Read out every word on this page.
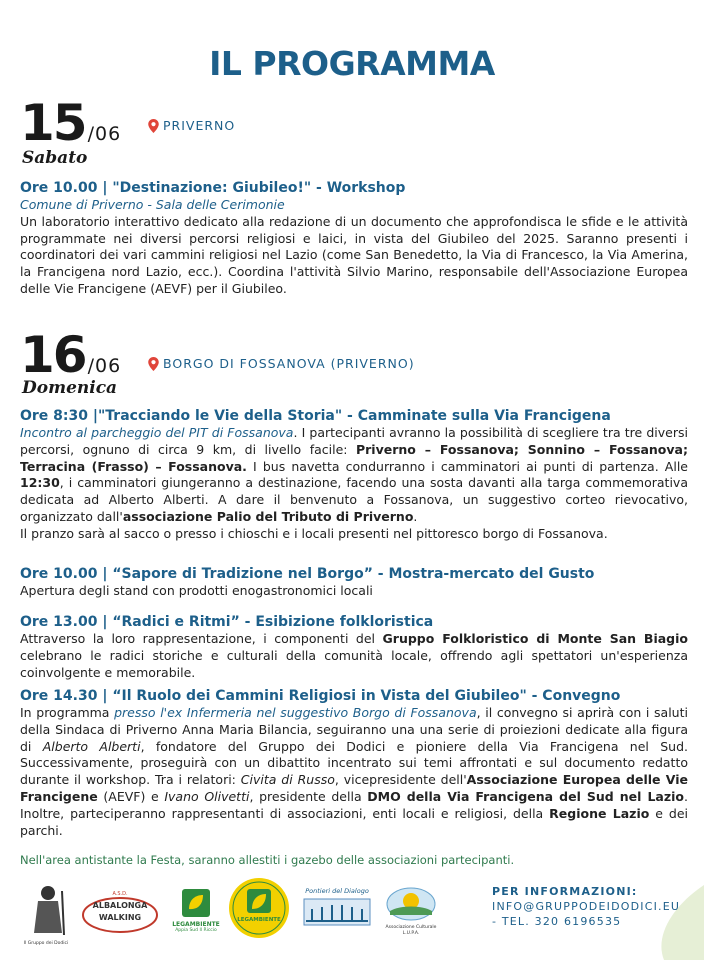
IL PROGRAMMA
15 /06
Sabato
PRIVERNO
Ore 10.00 | "Destinazione: Giubileo!" - Workshop
Comune di Priverno - Sala delle Cerimonie
Un laboratorio interattivo dedicato alla redazione di un documento che approfondisca le sfide e le attività programmate nei diversi percorsi religiosi e laici, in vista del Giubileo del 2025. Saranno presenti i coordinatori dei vari cammini religiosi nel Lazio (come San Benedetto, la Via di Francesco, la Via Amerina, la Francigena nord Lazio, ecc.). Coordina l'attività Silvio Marino, responsabile dell'Associazione Europea delle Vie Francigene (AEVF) per il Giubileo.
16 /06
Domenica
BORGO DI FOSSANOVA (PRIVERNO)
Ore 8:30 |"Tracciando le Vie della Storia" - Camminate sulla Via Francigena
Incontro al parcheggio del PIT di Fossanova. I partecipanti avranno la possibilità di scegliere tra tre diversi percorsi, ognuno di circa 9 km, di livello facile: Priverno – Fossanova; Sonnino – Fossanova; Terracina (Frasso) – Fossanova. I bus navetta condurranno i camminatori ai punti di partenza. Alle 12:30, i camminatori giungeranno a destinazione, facendo una sosta davanti alla targa commemorativa dedicata ad Alberto Alberti. A dare il benvenuto a Fossanova, un suggestivo corteo rievocativo, organizzato dall'associazione Palio del Tributo di Priverno.
Il pranzo sarà al sacco o presso i chioschi e i locali presenti nel pittoresco borgo di Fossanova.
Ore 10.00 | “Sapore di Tradizione nel Borgo” - Mostra-mercato del Gusto
Apertura degli stand con prodotti enogastronomici locali
Ore 13.00 | “Radici e Ritmi” - Esibizione folkloristica
Attraverso la loro rappresentazione, i componenti del Gruppo Folkloristico di Monte San Biagio celebrano le radici storiche e culturali della comunità locale, offrendo agli spettatori un'esperienza coinvolgente e memorabile.
Ore 14.30 | “Il Ruolo dei Cammini Religiosi in Vista del Giubileo" - Convegno
In programma presso l'ex Infermeria nel suggestivo Borgo di Fossanova, il convegno si aprirà con i saluti della Sindaca di Priverno Anna Maria Bilancia, seguiranno una una serie di proiezioni dedicate alla figura di Alberto Alberti, fondatore del Gruppo dei Dodici e pioniere della Via Francigena nel Sud. Successivamente, proseguirà con un dibattito incentrato sui temi affrontati e sul documento redatto durante il workshop. Tra i relatori: Civita di Russo, vicepresidente dell'Associazione Europea delle Vie Francigene (AEVF) e Ivano Olivetti, presidente della DMO della Via Francigena del Sud nel Lazio. Inoltre, parteciperanno rappresentanti di associazioni, enti locali e religiosi, della Regione Lazio e dei parchi.
Nell'area antistante la Festa, saranno allestiti i gazebo delle associazioni partecipanti.
Il Gruppo dei Dodici
A.S.D.
ALBALONGA
WALKING
LEGAMBIENTE
Appia Sud Il Riccio
LEGAMBIENTE
Pontieri del Dialogo
Associazione Culturale L.U.P.A.
PER INFORMAZIONI:
INFO@GRUPPODEIDODICI.EU
- TEL. 320 6196535
